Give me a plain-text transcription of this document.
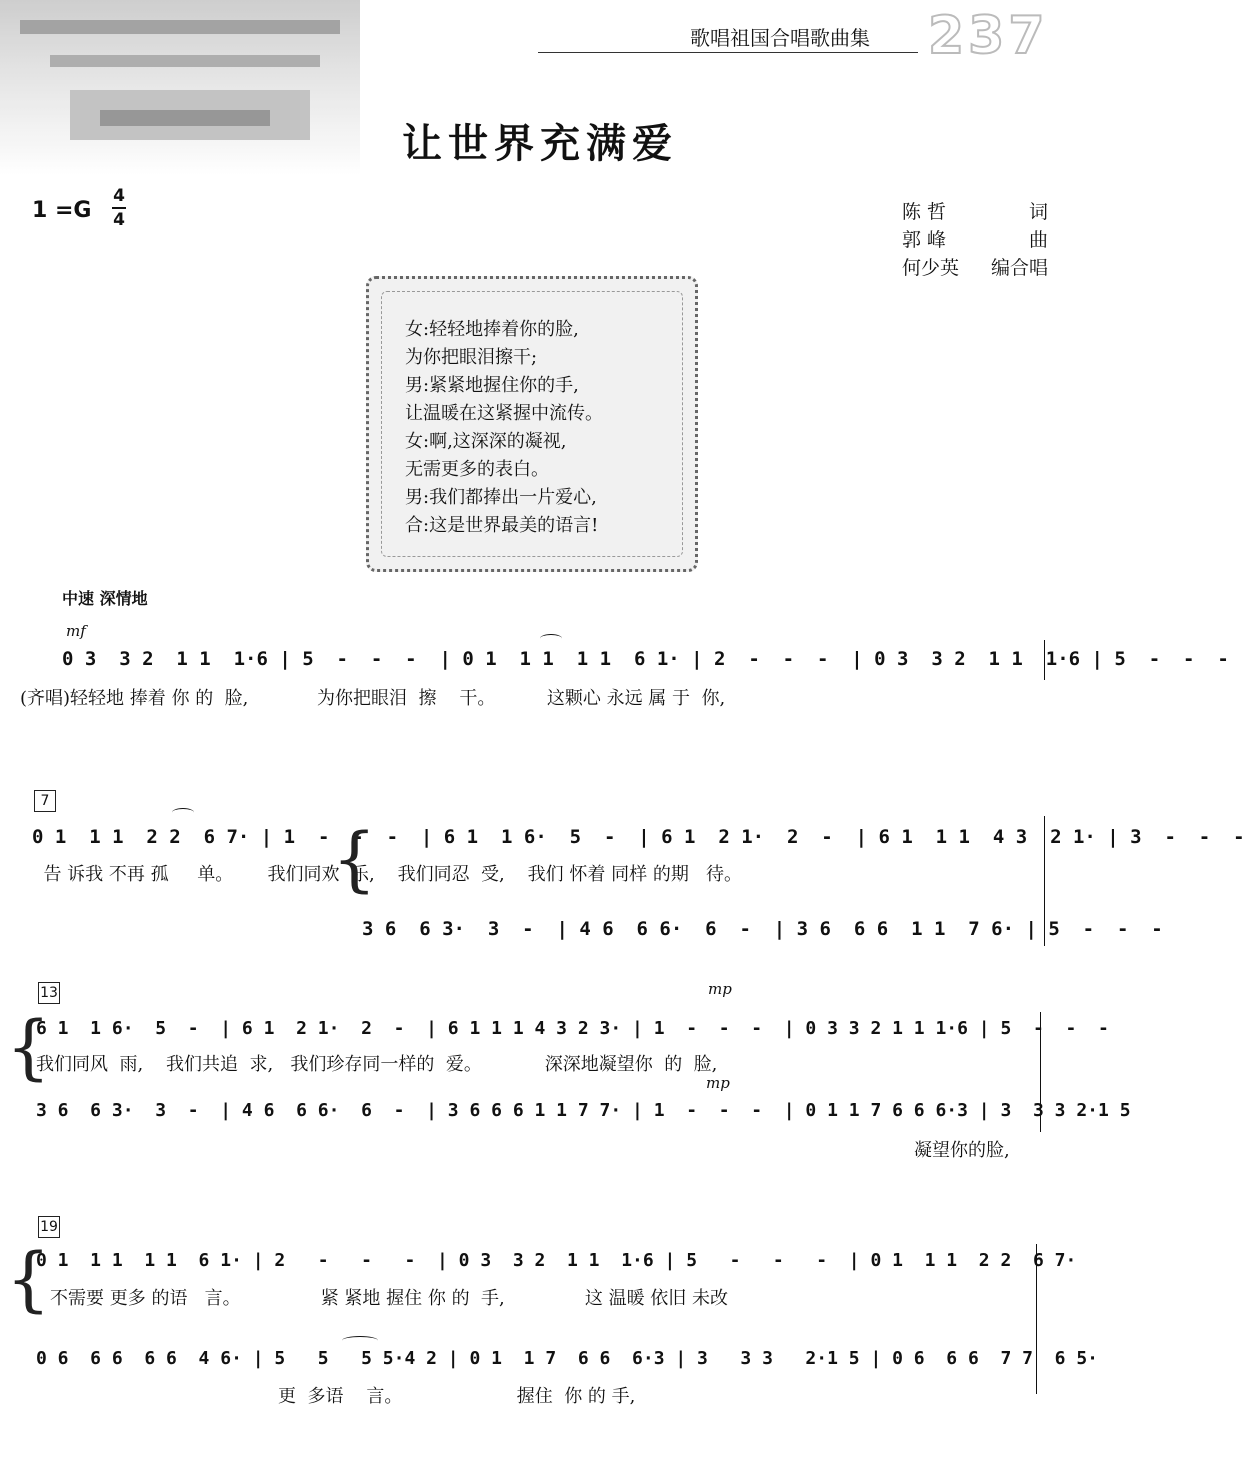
歌唱祖国合唱歌曲集 237
让世界充满爱
1 =G
4
4	陈 哲	词
郭 峰	曲
何少英 编合唱
女:轻轻地捧着你的脸,
为你把眼泪擦干;
男:紧紧地握住你的手,
让温暖在这紧握中流传。
女:啊,这深深的凝视,
无需更多的表白。
男:我们都捧出一片爱心,
合:这是世界最美的语言!
中速 深情地
mf
0 3  3 2  1 1  1·6 | 5  -  -  -  | 0 1  1 1  1 1  6 1· | 2  -  -  -  | 0 3  3 2  1 1  1·6 | 5  -  -  -
(齐唱)轻轻地 捧着 你 的  脸,            为你把眼泪  擦    干。         这颗心 永远 属 于  你,
7
0 1  1 1  2 2  6 7· | 1  -  -  -  | 6 1  1 6·  5  -  | 6 1  2 1·  2  -  | 6 1  1 1  4 3  2 1· | 3  -  -  -
告 诉我 不再 孤     单。      我们同欢  乐,    我们同忍  受,    我们 怀着 同样 的期   待。
{
3 6  6 3·  3  -  | 4 6  6 6·  6  -  | 3 6  6 6  1 1  7 6· | 5  -  -  -
13	mp
{
6 1  1 6·  5  -  | 6 1  2 1·  2  -  | 6 1 1 1 4 3 2 3· | 1  -  -  -  | 0 3 3 2 1 1 1·6 | 5  -  -  -
我们同风  雨,    我们共追  求,   我们珍存同一样的  爱。           深深地凝望你  的  脸,
mp
3 6  6 3·  3  -  | 4 6  6 6·  6  -  | 3 6 6 6 1 1 7 7· | 1  -  -  -  | 0 1 1 7 6 6 6·3 | 3  3 3 2·1 5
凝望你的脸,
19
{
0 1  1 1  1 1  6 1· | 2   -   -   -  | 0 3  3 2  1 1  1·6 | 5   -   -   -  | 0 1  1 1  2 2  6 7·
不需要 更多 的语   言。              紧 紧地 握住 你 的  手,              这 温暖 依旧 未改
0 6  6 6  6 6  4 6· | 5   5   5 5·4 2 | 0 1  1 7  6 6  6·3 | 3   3 3   2·1 5 | 0 6  6 6  7 7  6 5·
更  多语    言。                    握住  你 的 手,
